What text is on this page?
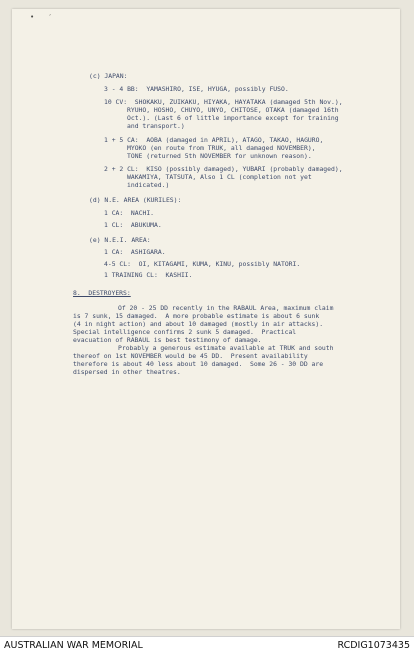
• ˊ

(c) JAPAN:

3 - 4 BB:  YAMASHIRO, ISE, HYUGA, possibly FUSO.

10 CV:  SHOKAKU, ZUIKAKU, HIYAKA, HAYATAKA (damaged 5th Nov.),

RYUHO, HOSHO, CHUYO, UNYO, CHITOSE, OTAKA (damaged 16th

Oct.). (Last 6 of little importance except for training

and transport.)

1 + 5 CA:  AOBA (damaged in APRIL), ATAGO, TAKAO, HAGURO,

MYOKO (en route from TRUK, all damaged NOVEMBER),

TONE (returned 5th NOVEMBER for unknown reason).

2 + 2 CL:  KISO (possibly damaged), YUBARI (probably damaged),

WAKAMIYA, TATSUTA, Also 1 CL (completion not yet

indicated.)

(d) N.E. AREA (KURILES):

1 CA:  NACHI.

1 CL:  ABUKUMA.

(e) N.E.I. AREA:

1 CA:  ASHIGARA.

4-5 CL:  OI, KITAGAMI, KUMA, KINU, possibly NATORI.

1 TRAINING CL:  KASHII.

8.  DESTROYERS:

Of 20 - 25 DD recently in the RABAUL Area, maximum claim

is 7 sunk, 15 damaged.  A more probable estimate is about 6 sunk

(4 in night action) and about 10 damaged (mostly in air attacks).

Special intelligence confirms 2 sunk 5 damaged.  Practical

evacuation of RABAUL is best testimony of damage.

Probably a generous estimate available at TRUK and south

thereof on 1st NOVEMBER would be 45 DD.  Present availability

therefore is about 40 less about 10 damaged.  Some 26 - 30 DD are

dispersed in other theatres.

AUSTRALIAN WAR MEMORIAL	RCDIG1073435
